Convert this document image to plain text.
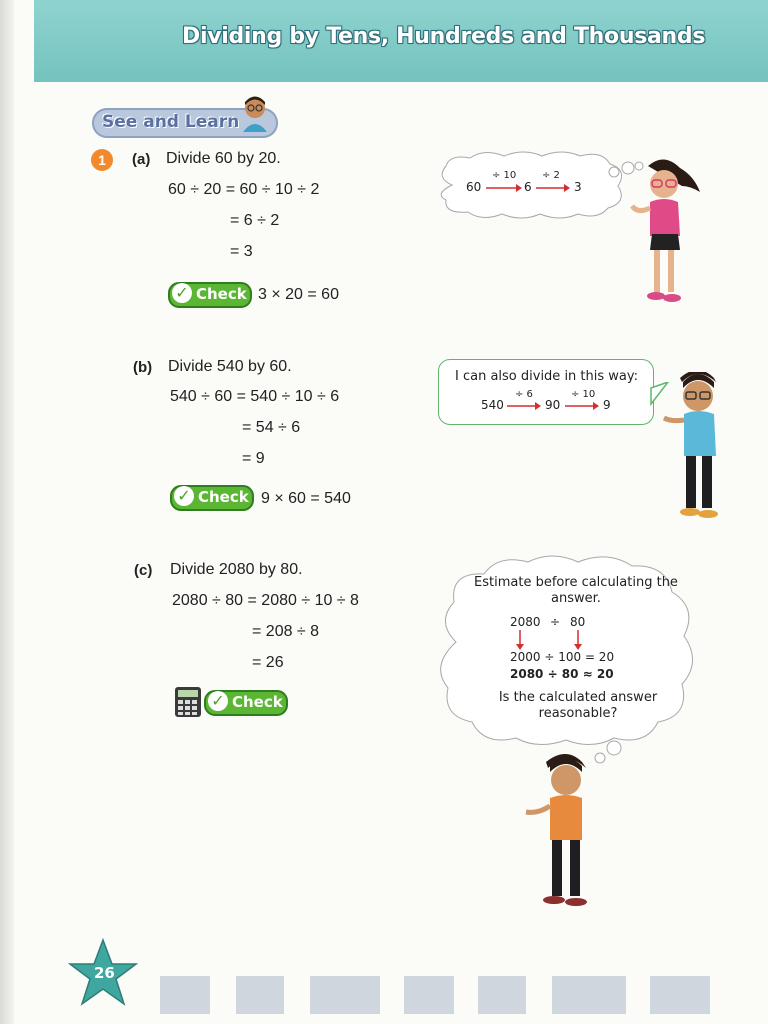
Dividing by Tens, Hundreds and Thousands
See and Learn
1	(a) Divide 60 by 20.
60 ÷ 20 = 60 ÷ 10 ÷ 2
= 6 ÷ 2
= 3
✓ Check 3 × 20 = 60
(b) Divide 540 by 60.
540 ÷ 60 = 540 ÷ 10 ÷ 6
= 54 ÷ 6
= 9
✓ Check 9 × 60 = 540
(c) Divide 2080 by 80.
2080 ÷ 80 = 2080 ÷ 10 ÷ 8
= 208 ÷ 8
= 26
✓ Check
60
÷ 10
6
÷ 2
3
I can also divide in this way:
540
÷ 6
90
÷ 10
9
Estimate before calculating the answer.
2080 ÷ 80
2000 ÷ 100 = 20
2080 ÷ 80 ≈ 20
Is the calculated answer reasonable?
26
